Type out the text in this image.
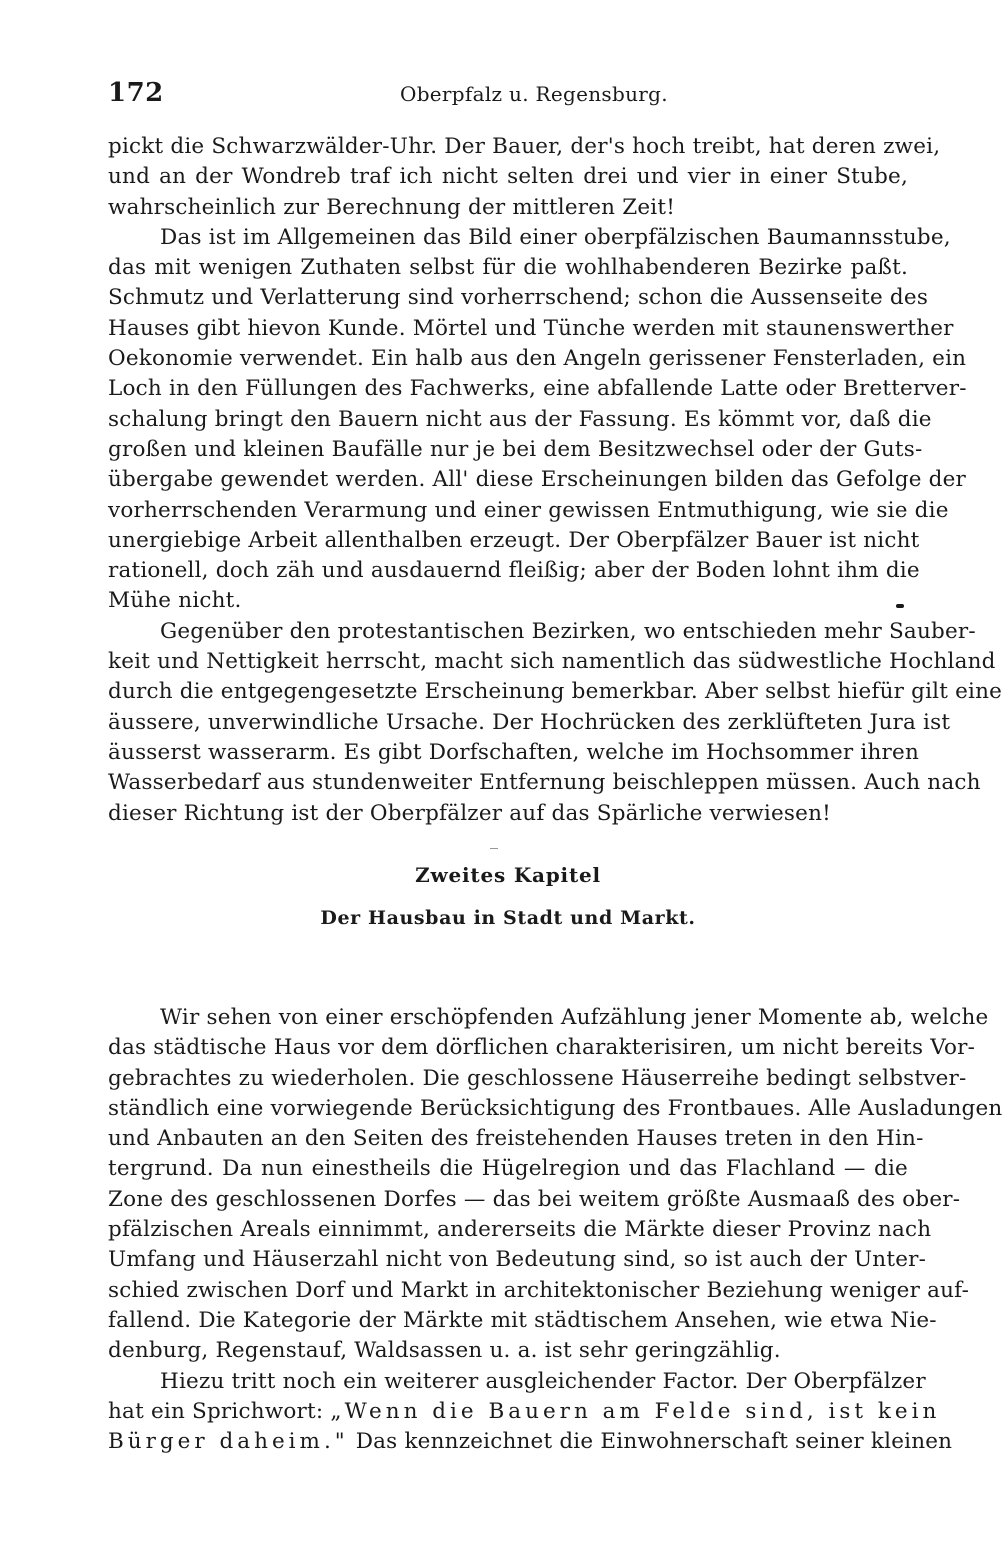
172	Oberpfalz u. Regensburg.
pickt die Schwarzwälder-Uhr. Der Bauer, der's hoch treibt, hat deren zwei,
und an der Wondreb traf ich nicht selten drei und vier in einer Stube,
wahrscheinlich zur Berechnung der mittleren Zeit!
Das ist im Allgemeinen das Bild einer oberpfälzischen Baumannsstube,
das mit wenigen Zuthaten selbst für die wohlhabenderen Bezirke paßt.
Schmutz und Verlatterung sind vorherrschend; schon die Aussenseite des
Hauses gibt hievon Kunde. Mörtel und Tünche werden mit staunenswerther
Oekonomie verwendet. Ein halb aus den Angeln gerissener Fensterladen, ein
Loch in den Füllungen des Fachwerks, eine abfallende Latte oder Bretterver-
schalung bringt den Bauern nicht aus der Fassung. Es kömmt vor, daß die
großen und kleinen Baufälle nur je bei dem Besitzwechsel oder der Guts-
übergabe gewendet werden. All' diese Erscheinungen bilden das Gefolge der
vorherrschenden Verarmung und einer gewissen Entmuthigung, wie sie die
unergiebige Arbeit allenthalben erzeugt. Der Oberpfälzer Bauer ist nicht
rationell, doch zäh und ausdauernd fleißig; aber der Boden lohnt ihm die
Mühe nicht.
Gegenüber den protestantischen Bezirken, wo entschieden mehr Sauber-
keit und Nettigkeit herrscht, macht sich namentlich das südwestliche Hochland
durch die entgegengesetzte Erscheinung bemerkbar. Aber selbst hiefür gilt eine
äussere, unverwindliche Ursache. Der Hochrücken des zerklüfteten Jura ist
äusserst wasserarm. Es gibt Dorfschaften, welche im Hochsommer ihren
Wasserbedarf aus stundenweiter Entfernung beischleppen müssen. Auch nach
dieser Richtung ist der Oberpfälzer auf das Spärliche verwiesen!
Zweites Kapitel
Der Hausbau in Stadt und Markt.
Wir sehen von einer erschöpfenden Aufzählung jener Momente ab, welche
das städtische Haus vor dem dörflichen charakterisiren, um nicht bereits Vor-
gebrachtes zu wiederholen. Die geschlossene Häuserreihe bedingt selbstver-
ständlich eine vorwiegende Berücksichtigung des Frontbaues. Alle Ausladungen
und Anbauten an den Seiten des freistehenden Hauses treten in den Hin-
tergrund. Da nun einestheils die Hügelregion und das Flachland — die
Zone des geschlossenen Dorfes — das bei weitem größte Ausmaaß des ober-
pfälzischen Areals einnimmt, andererseits die Märkte dieser Provinz nach
Umfang und Häuserzahl nicht von Bedeutung sind, so ist auch der Unter-
schied zwischen Dorf und Markt in architektonischer Beziehung weniger auf-
fallend. Die Kategorie der Märkte mit städtischem Ansehen, wie etwa Nie-
denburg, Regenstauf, Waldsassen u. a. ist sehr geringzählig.
Hiezu tritt noch ein weiterer ausgleichender Factor. Der Oberpfälzer
hat ein Sprichwort: „Wenn die Bauern am Felde sind, ist kein
Bürger daheim." Das kennzeichnet die Einwohnerschaft seiner kleinen
